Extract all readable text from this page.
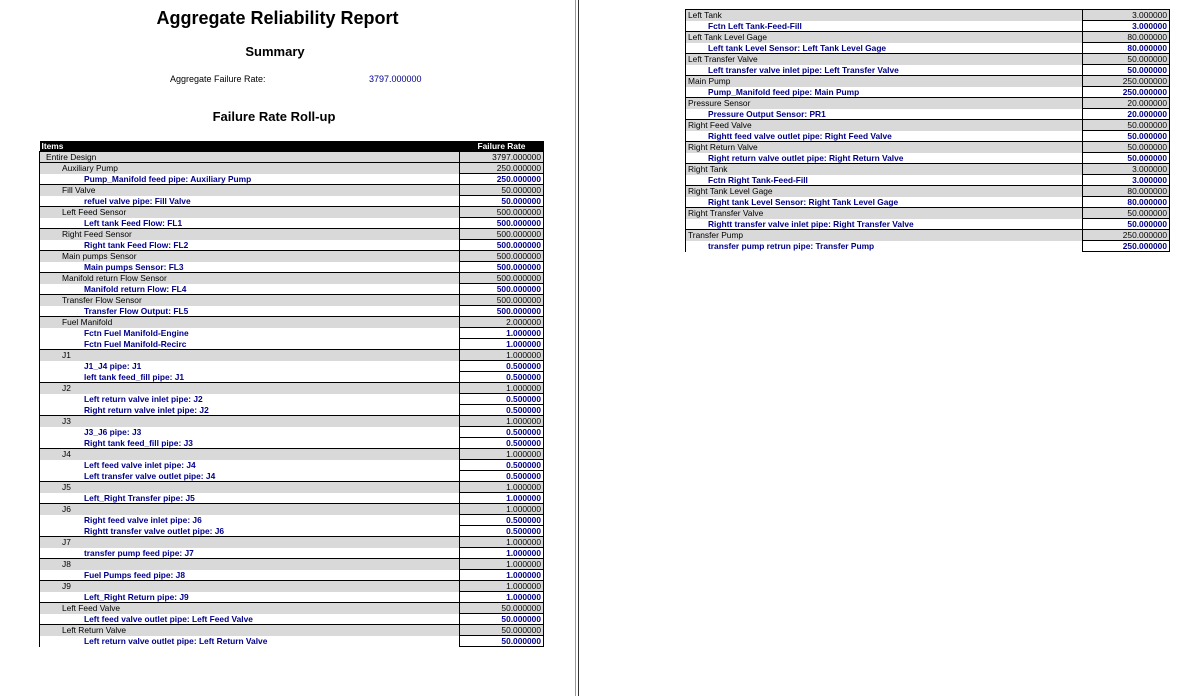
Aggregate Reliability Report
Summary
Aggregate Failure Rate:	3797.000000
Failure Rate Roll-up
Items	Failure Rate
Entire Design	3797.000000
Auxiliary Pump	250.000000
Pump_Manifold feed pipe: Auxiliary Pump	250.000000
Fill Valve	50.000000
refuel valve pipe: Fill Valve	50.000000
Left Feed Sensor	500.000000
Left tank Feed Flow: FL1	500.000000
Right Feed Sensor	500.000000
Right tank Feed Flow: FL2	500.000000
Main pumps Sensor	500.000000
Main pumps Sensor: FL3	500.000000
Manifold return Flow Sensor	500.000000
Manifold return Flow: FL4	500.000000
Transfer Flow Sensor	500.000000
Transfer Flow Output: FL5	500.000000
Fuel Manifold	2.000000
Fctn Fuel Manifold-Engine	1.000000
Fctn Fuel Manifold-Recirc	1.000000
J1	1.000000
J1_J4 pipe: J1	0.500000
left tank feed_fill pipe: J1	0.500000
J2	1.000000
Left return valve inlet pipe: J2	0.500000
Right return valve inlet pipe: J2	0.500000
J3	1.000000
J3_J6 pipe: J3	0.500000
Right tank feed_fill pipe: J3	0.500000
J4	1.000000
Left feed valve inlet pipe: J4	0.500000
Left transfer valve outlet pipe: J4	0.500000
J5	1.000000
Left_Right Transfer pipe: J5	1.000000
J6	1.000000
Right feed valve inlet pipe: J6	0.500000
Rightt transfer valve outlet pipe: J6	0.500000
J7	1.000000
transfer pump feed pipe: J7	1.000000
J8	1.000000
Fuel Pumps feed pipe: J8	1.000000
J9	1.000000
Left_Right Return pipe: J9	1.000000
Left Feed Valve	50.000000
Left feed valve outlet pipe: Left Feed Valve	50.000000
Left Return Valve	50.000000
Left return valve outlet pipe: Left Return Valve	50.000000
Left Tank	3.000000
Fctn Left Tank-Feed-Fill	3.000000
Left Tank Level Gage	80.000000
Left tank Level Sensor: Left Tank Level Gage	80.000000
Left Transfer Valve	50.000000
Left transfer valve inlet pipe: Left Transfer Valve	50.000000
Main Pump	250.000000
Pump_Manifold feed pipe: Main Pump	250.000000
Pressure Sensor	20.000000
Pressure Output Sensor: PR1	20.000000
Right Feed Valve	50.000000
Rightt feed valve outlet pipe: Right Feed Valve	50.000000
Right Return Valve	50.000000
Right return valve outlet pipe: Right Return Valve	50.000000
Right Tank	3.000000
Fctn Right Tank-Feed-Fill	3.000000
Right Tank Level Gage	80.000000
Right tank Level Sensor: Right Tank Level Gage	80.000000
Right Transfer Valve	50.000000
Rightt transfer valve inlet pipe: Right Transfer Valve	50.000000
Transfer Pump	250.000000
transfer pump retrun pipe: Transfer Pump	250.000000
